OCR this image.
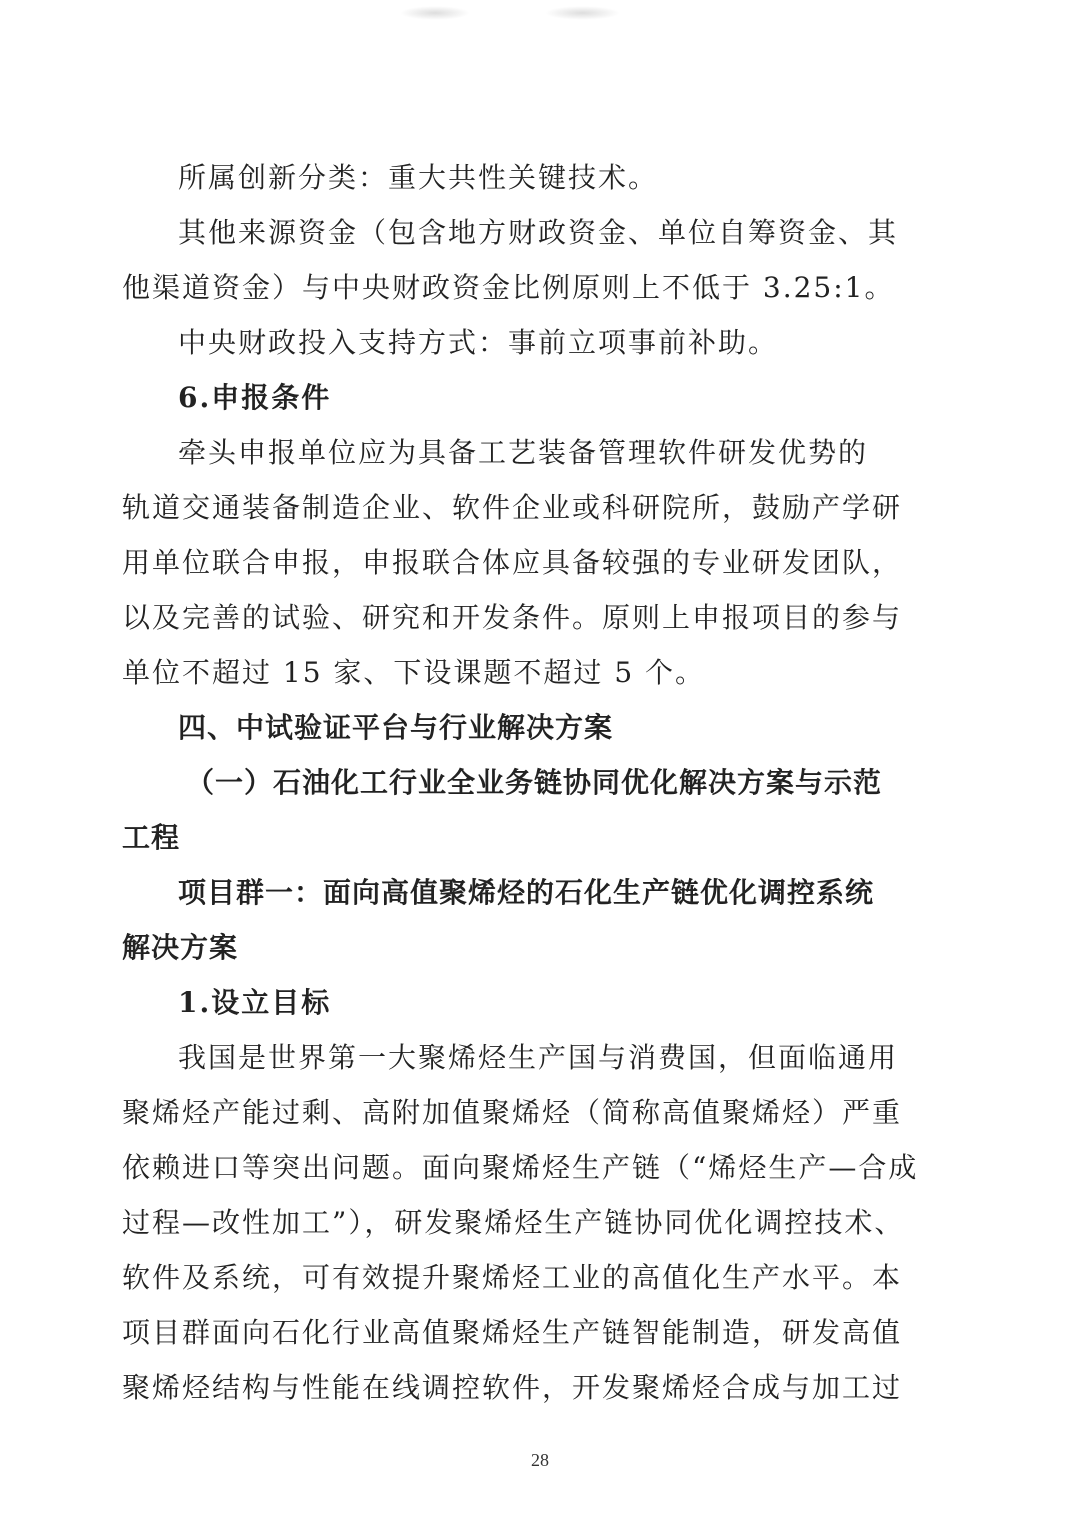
所属创新分类：重大共性关键技术。
其他来源资金（包含地方财政资金、单位自筹资金、其
他渠道资金）与中央财政资金比例原则上不低于 3.25:1。
中央财政投入支持方式：事前立项事前补助。
6.申报条件
牵头申报单位应为具备工艺装备管理软件研发优势的
轨道交通装备制造企业、软件企业或科研院所，鼓励产学研
用单位联合申报，申报联合体应具备较强的专业研发团队，
以及完善的试验、研究和开发条件。原则上申报项目的参与
单位不超过 15 家、下设课题不超过 5 个。
四、中试验证平台与行业解决方案
（一）石油化工行业全业务链协同优化解决方案与示范
工程
项目群一：面向高值聚烯烃的石化生产链优化调控系统
解决方案
1.设立目标
我国是世界第一大聚烯烃生产国与消费国，但面临通用
聚烯烃产能过剩、高附加值聚烯烃（简称高值聚烯烃）严重
依赖进口等突出问题。面向聚烯烃生产链（“烯烃生产—合成
过程—改性加工”），研发聚烯烃生产链协同优化调控技术、
软件及系统，可有效提升聚烯烃工业的高值化生产水平。本
项目群面向石化行业高值聚烯烃生产链智能制造，研发高值
聚烯烃结构与性能在线调控软件，开发聚烯烃合成与加工过
28
